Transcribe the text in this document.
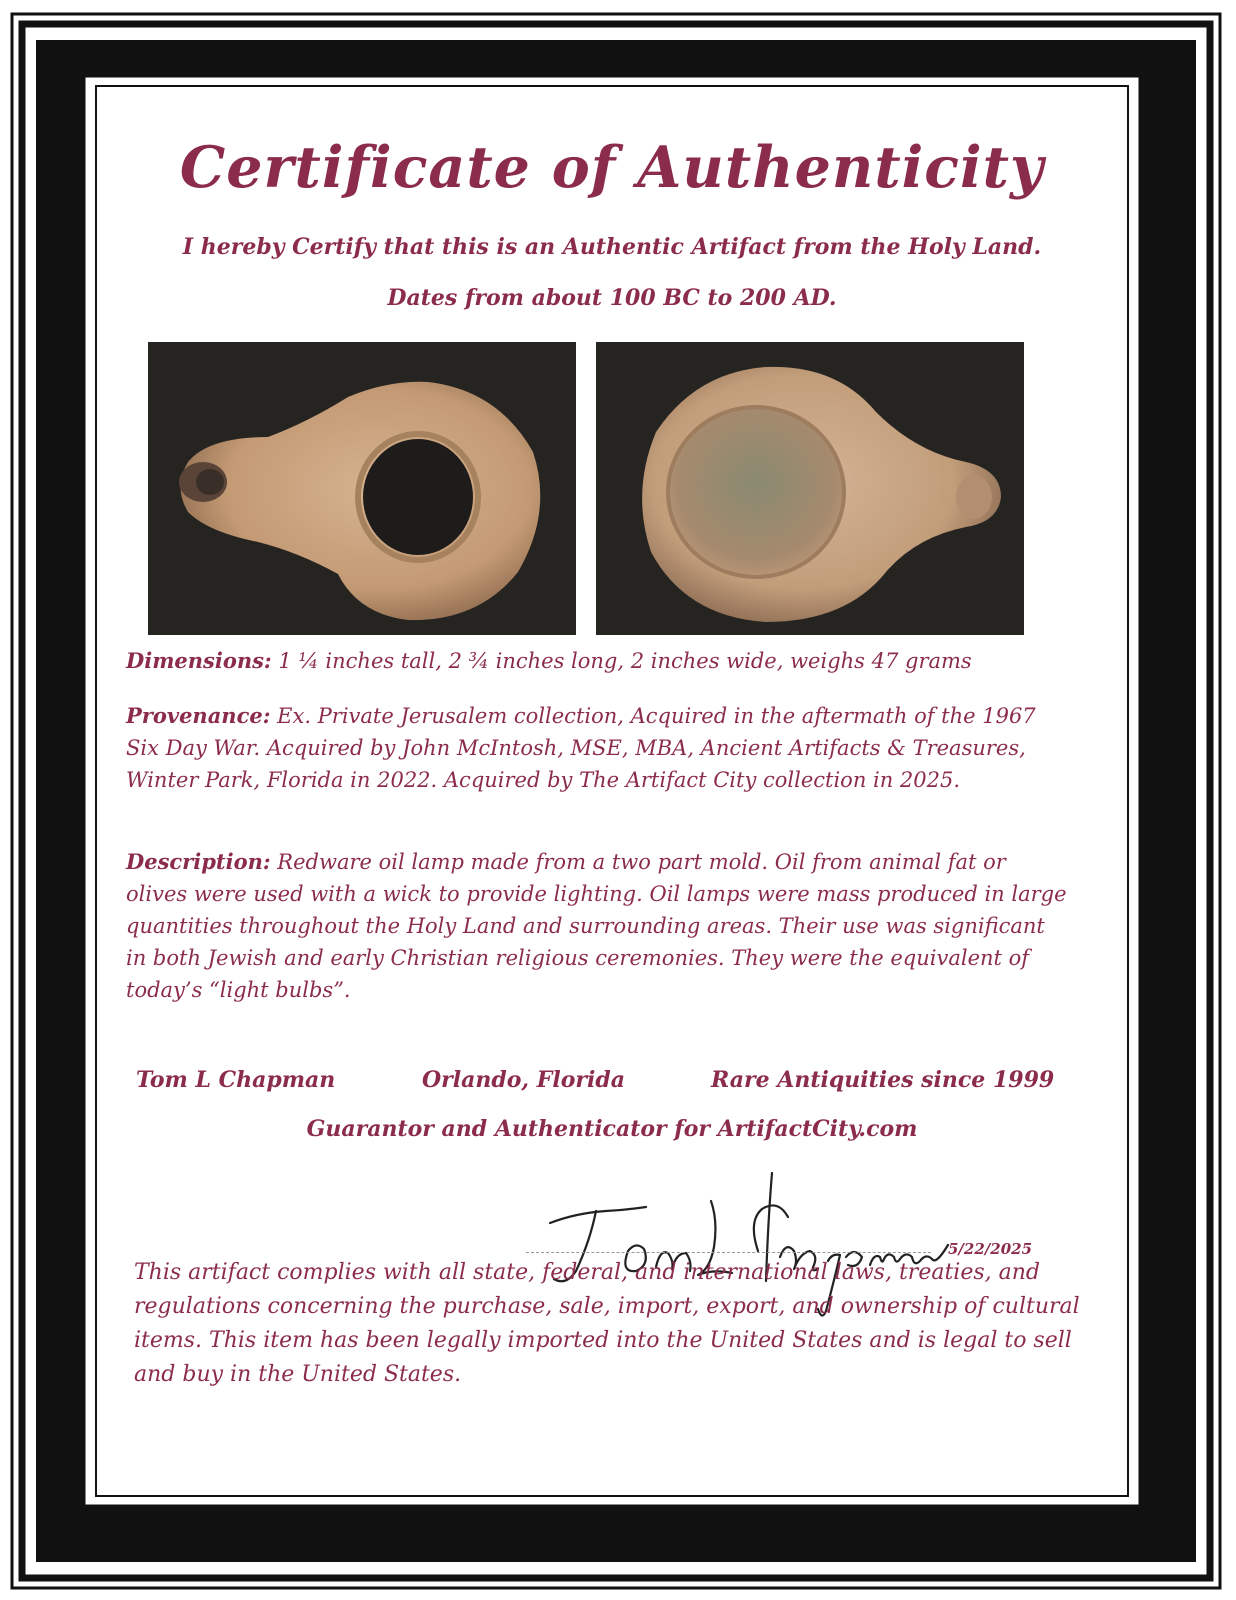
Certificate of Authenticity
I hereby Certify that this is an Authentic Artifact from the Holy Land.
Dates from about 100 BC to 200 AD.
Dimensions: 1 ¼ inches tall, 2 ¾ inches long, 2 inches wide, weighs 47 grams
Provenance: Ex. Private Jerusalem collection, Acquired in the aftermath of the 1967 Six Day War. Acquired by John McIntosh, MSE, MBA, Ancient Artifacts & Treasures, Winter Park, Florida in 2022. Acquired by The Artifact City collection in 2025.
Description: Redware oil lamp made from a two part mold. Oil from animal fat or olives were used with a wick to provide lighting. Oil lamps were mass produced in large quantities throughout the Holy Land and surrounding areas. Their use was significant in both Jewish and early Christian religious ceremonies. They were the equivalent of today’s “light bulbs”.
Tom L Chapman	Orlando, Florida	Rare Antiquities since 1999
Guarantor and Authenticator for ArtifactCity.com
5/22/2025
This artifact complies with all state, federal, and international laws, treaties, and regulations concerning the purchase, sale, import, export, and ownership of cultural items. This item has been legally imported into the United States and is legal to sell and buy in the United States.
